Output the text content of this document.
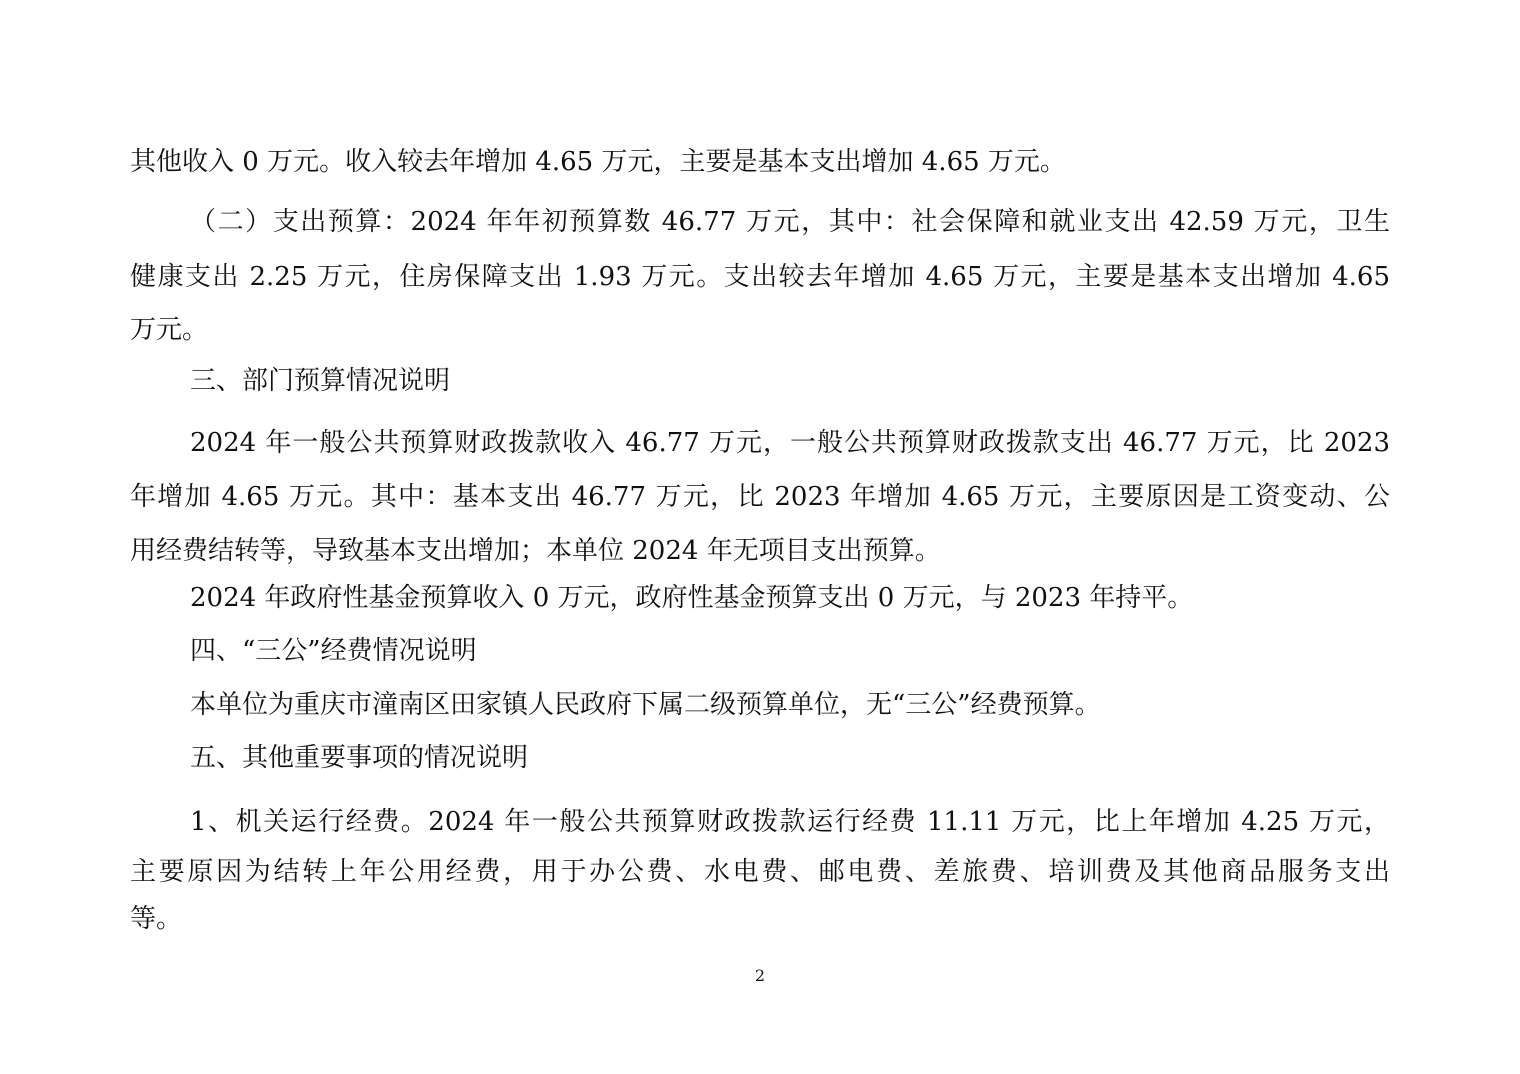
其他收入 0 万元。收入较去年增加 4.65 万元，主要是基本支出增加 4.65 万元。
（二）支出预算：2024 年年初预算数 46.77 万元，其中：社会保障和就业支出 42.59 万元，卫生
健康支出 2.25 万元，住房保障支出 1.93 万元。支出较去年增加 4.65 万元，主要是基本支出增加 4.65
万元。
三、部门预算情况说明
2024 年一般公共预算财政拨款收入 46.77 万元，一般公共预算财政拨款支出 46.77 万元，比 2023
年增加 4.65 万元。其中：基本支出 46.77 万元，比 2023 年增加 4.65 万元，主要原因是工资变动、公
用经费结转等，导致基本支出增加；本单位 2024 年无项目支出预算。
2024 年政府性基金预算收入 0 万元，政府性基金预算支出 0 万元，与 2023 年持平。
四、“三公”经费情况说明
本单位为重庆市潼南区田家镇人民政府下属二级预算单位，无“三公”经费预算。
五、其他重要事项的情况说明
1、机关运行经费。2024 年一般公共预算财政拨款运行经费 11.11 万元，比上年增加 4.25 万元，
主要原因为结转上年公用经费，用于办公费、水电费、邮电费、差旅费、培训费及其他商品服务支出
等。
2
